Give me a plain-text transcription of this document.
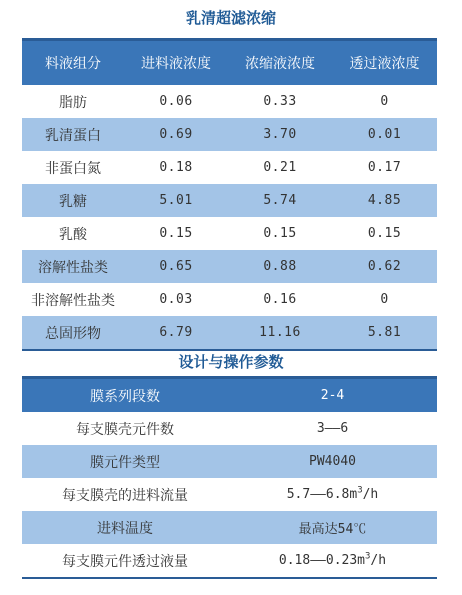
乳清超滤浓缩
料液组分	进料液浓度	浓缩液浓度	透过液浓度
脂肪	0.06	0.33	0
乳清蛋白	0.69	3.70	0.01
非蛋白氮	0.18	0.21	0.17
乳糖	5.01	5.74	4.85
乳酸	0.15	0.15	0.15
溶解性盐类	0.65	0.88	0.62
非溶解性盐类	0.03	0.16	0
总固形物	6.79	11.16	5.81
设计与操作参数
膜系列段数	2-4
每支膜壳元件数	3——6
膜元件类型	PW4040
每支膜壳的进料流量	$5.7——6.8m^3/h$
进料温度	最高达54℃
每支膜元件透过液量	$0.18——0.23m^3/h$
